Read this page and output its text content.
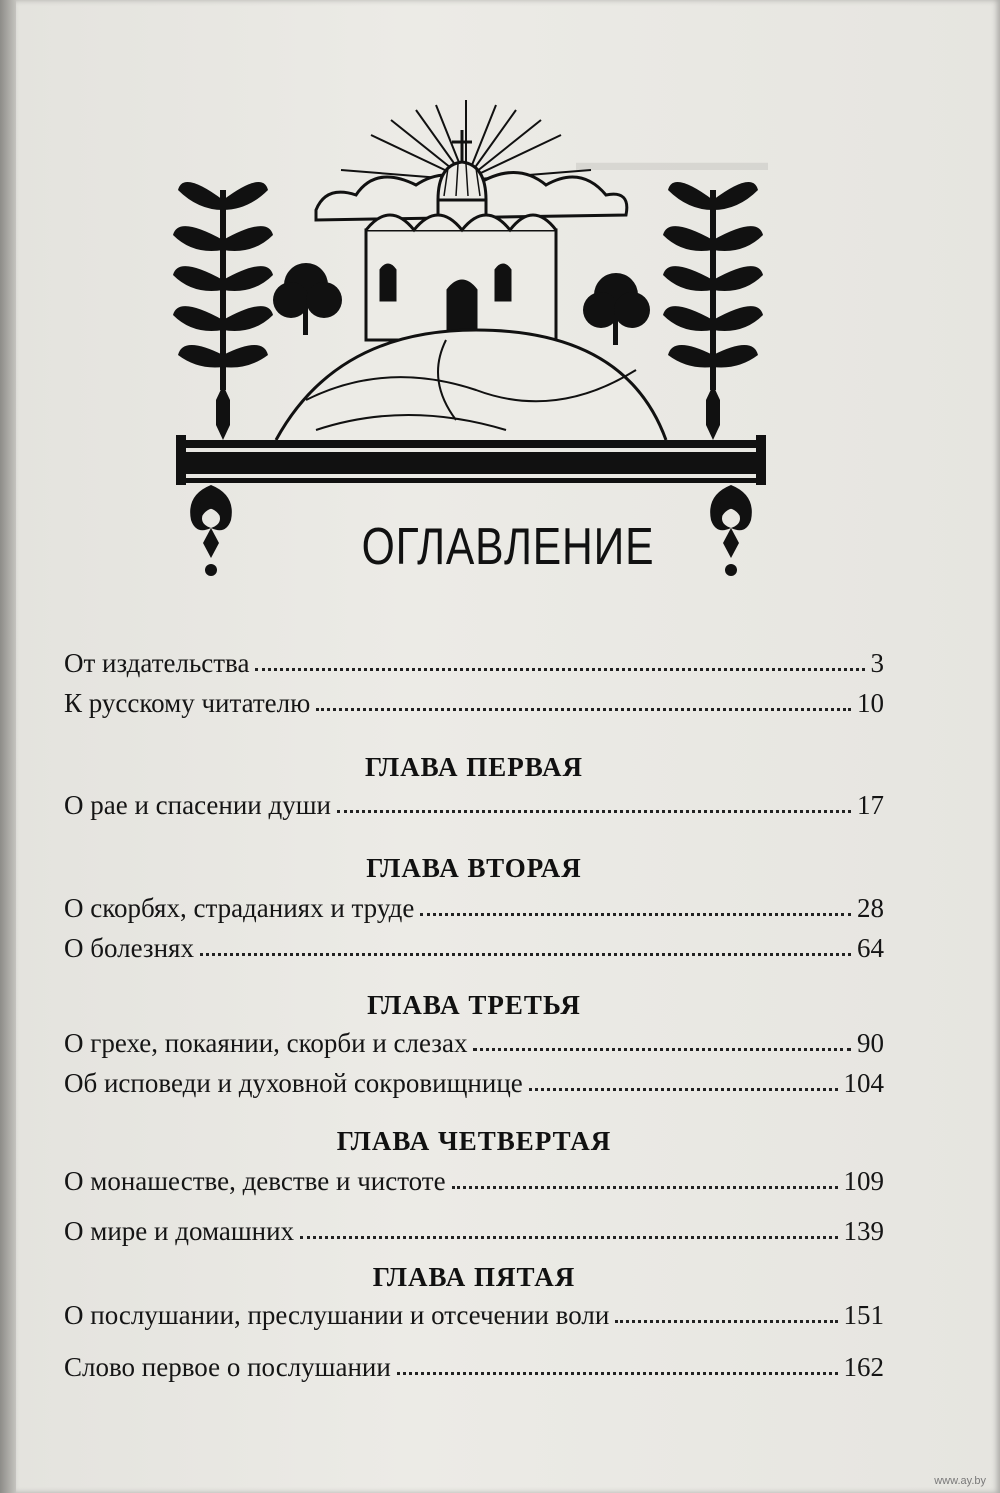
▬▬▬▬▬▬▬▬
ОГЛАВЛЕНИЕ
От издательства	3
К русскому читателю	10
ГЛАВА ПЕРВАЯ
О рае и спасении души	17
ГЛАВА ВТОРАЯ
О скорбях, страданиях и труде	28
О болезнях	64
ГЛАВА ТРЕТЬЯ
О грехе, покаянии, скорби и слезах	90
Об исповеди и духовной сокровищнице	104
ГЛАВА ЧЕТВЕРТАЯ
О монашестве, девстве и чистоте	109
О мире и домашних	139
ГЛАВА ПЯТАЯ
О послушании, преслушании и отсечении воли	151
Слово первое о послушании	162
www.ay.by
